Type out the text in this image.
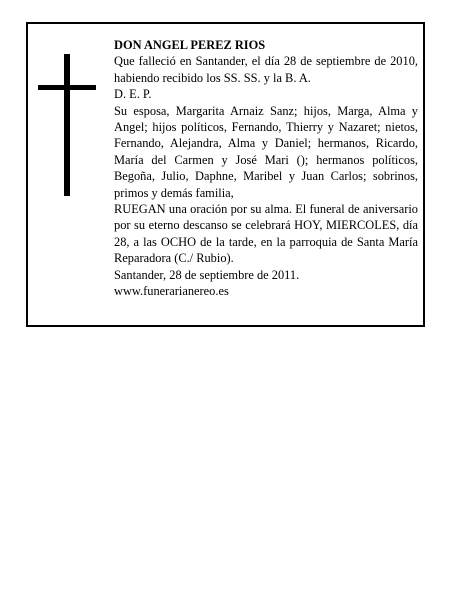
DON ANGEL PEREZ RIOS

Que falleció en Santander, el día 28 de septiembre de 2010, habiendo recibido los SS. SS. y la B. A.

D. E. P.

Su esposa, Margarita Arnaiz Sanz; hijos, Marga, Alma y Angel; hijos políticos, Fernando, Thierry y Nazaret; nietos, Fernando, Alejandra, Alma y Daniel; hermanos, Ricardo, María del Carmen y José Mari (); hermanos políticos, Begoña, Julio, Daphne, Maribel y Juan Carlos; sobrinos, primos y demás familia,

RUEGAN una oración por su alma. El funeral de aniversario por su eterno descanso se celebrará HOY, MIERCOLES, día 28, a las OCHO de la tarde, en la parroquia de Santa María Reparadora (C./ Rubio).

Santander, 28 de septiembre de 2011.

www.funerarianereo.es
